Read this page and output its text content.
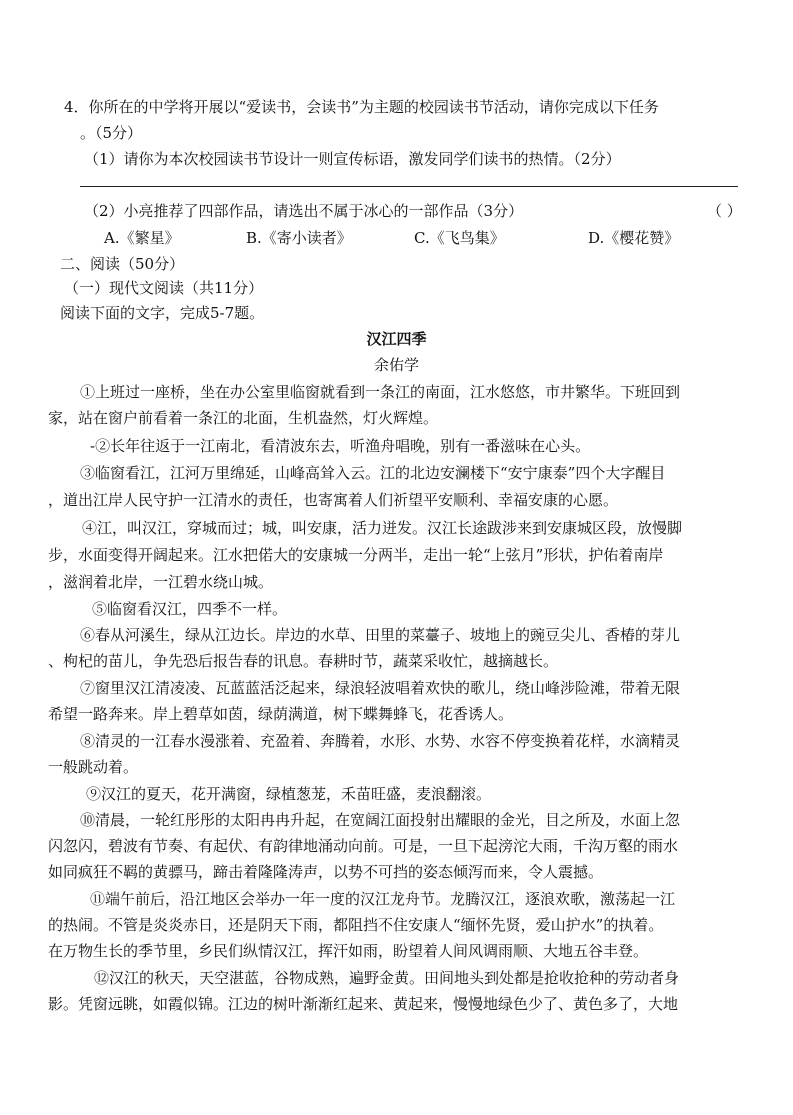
4．你所在的中学将开展以“爱读书，会读书”为主题的校园读书节活动，请你完成以下任务
。（5分）
（1）请你为本次校园读书节设计一则宣传标语，激发同学们读书的热情。（2分）
（2）小亮推荐了四部作品，请选出不属于冰心的一部作品（3分）	（ ）
A.《繁星》	B.《寄小读者》	C.《飞鸟集》	D.《樱花赞》
二、阅读（50分）
（一）现代文阅读（共11分）
阅读下面的文字，完成5-7题。
汉江四季
余佑学
①上班过一座桥，坐在办公室里临窗就看到一条江的南面，江水悠悠，市井繁华。下班回到
家，站在窗户前看着一条江的北面，生机盎然，灯火辉煌。
-②长年往返于一江南北，看清波东去，听渔舟唱晚，别有一番滋味在心头。
③临窗看江，江河万里绵延，山峰高耸入云。江的北边安澜楼下“安宁康泰”四个大字醒目
，道出江岸人民守护一江清水的责任，也寄寓着人们祈望平安顺利、幸福安康的心愿。
④江，叫汉江，穿城而过；城，叫安康，活力迸发。汉江长途跋涉来到安康城区段，放慢脚
步，水面变得开阔起来。江水把偌大的安康城一分两半，走出一轮“上弦月”形状，护佑着南岸
，滋润着北岸，一江碧水绕山城。
⑤临窗看汉江，四季不一样。
⑥春从河溪生，绿从江边长。岸边的水草、田里的菜薹子、坡地上的豌豆尖儿、香椿的芽儿
、枸杞的苗儿，争先恐后报告春的讯息。春耕时节，蔬菜采收忙，越摘越长。
⑦窗里汉江清凌凌、瓦蓝蓝活泛起来，绿浪轻波唱着欢快的歌儿，绕山峰涉险滩，带着无限
希望一路奔来。岸上碧草如茵，绿荫满道，树下蝶舞蜂飞，花香诱人。
⑧清灵的一江春水漫涨着、充盈着、奔腾着，水形、水势、水容不停变换着花样，水滴精灵
一般跳动着。
⑨汉江的夏天，花开满窗，绿植葱茏，禾苗旺盛，麦浪翻滚。
⑩清晨，一轮红彤彤的太阳冉冉升起，在宽阔江面投射出耀眼的金光，目之所及，水面上忽
闪忽闪，碧波有节奏、有起伏、有韵律地涌动向前。可是，一旦下起滂沱大雨，千沟万壑的雨水
如同疯狂不羁的黄骠马，蹄击着隆隆涛声，以势不可挡的姿态倾泻而来，令人震撼。
⑪端午前后，沿江地区会举办一年一度的汉江龙舟节。龙腾汉江，逐浪欢歌，激荡起一江
的热闹。不管是炎炎赤日，还是阴天下雨，都阻挡不住安康人“缅怀先贤，爱山护水”的执着。
在万物生长的季节里，乡民们纵情汉江，挥汗如雨，盼望着人间风调雨顺、大地五谷丰登。
⑫汉江的秋天，天空湛蓝，谷物成熟，遍野金黄。田间地头到处都是抢收抢种的劳动者身
影。凭窗远眺，如霞似锦。江边的树叶渐渐红起来、黄起来，慢慢地绿色少了、黄色多了，大地
